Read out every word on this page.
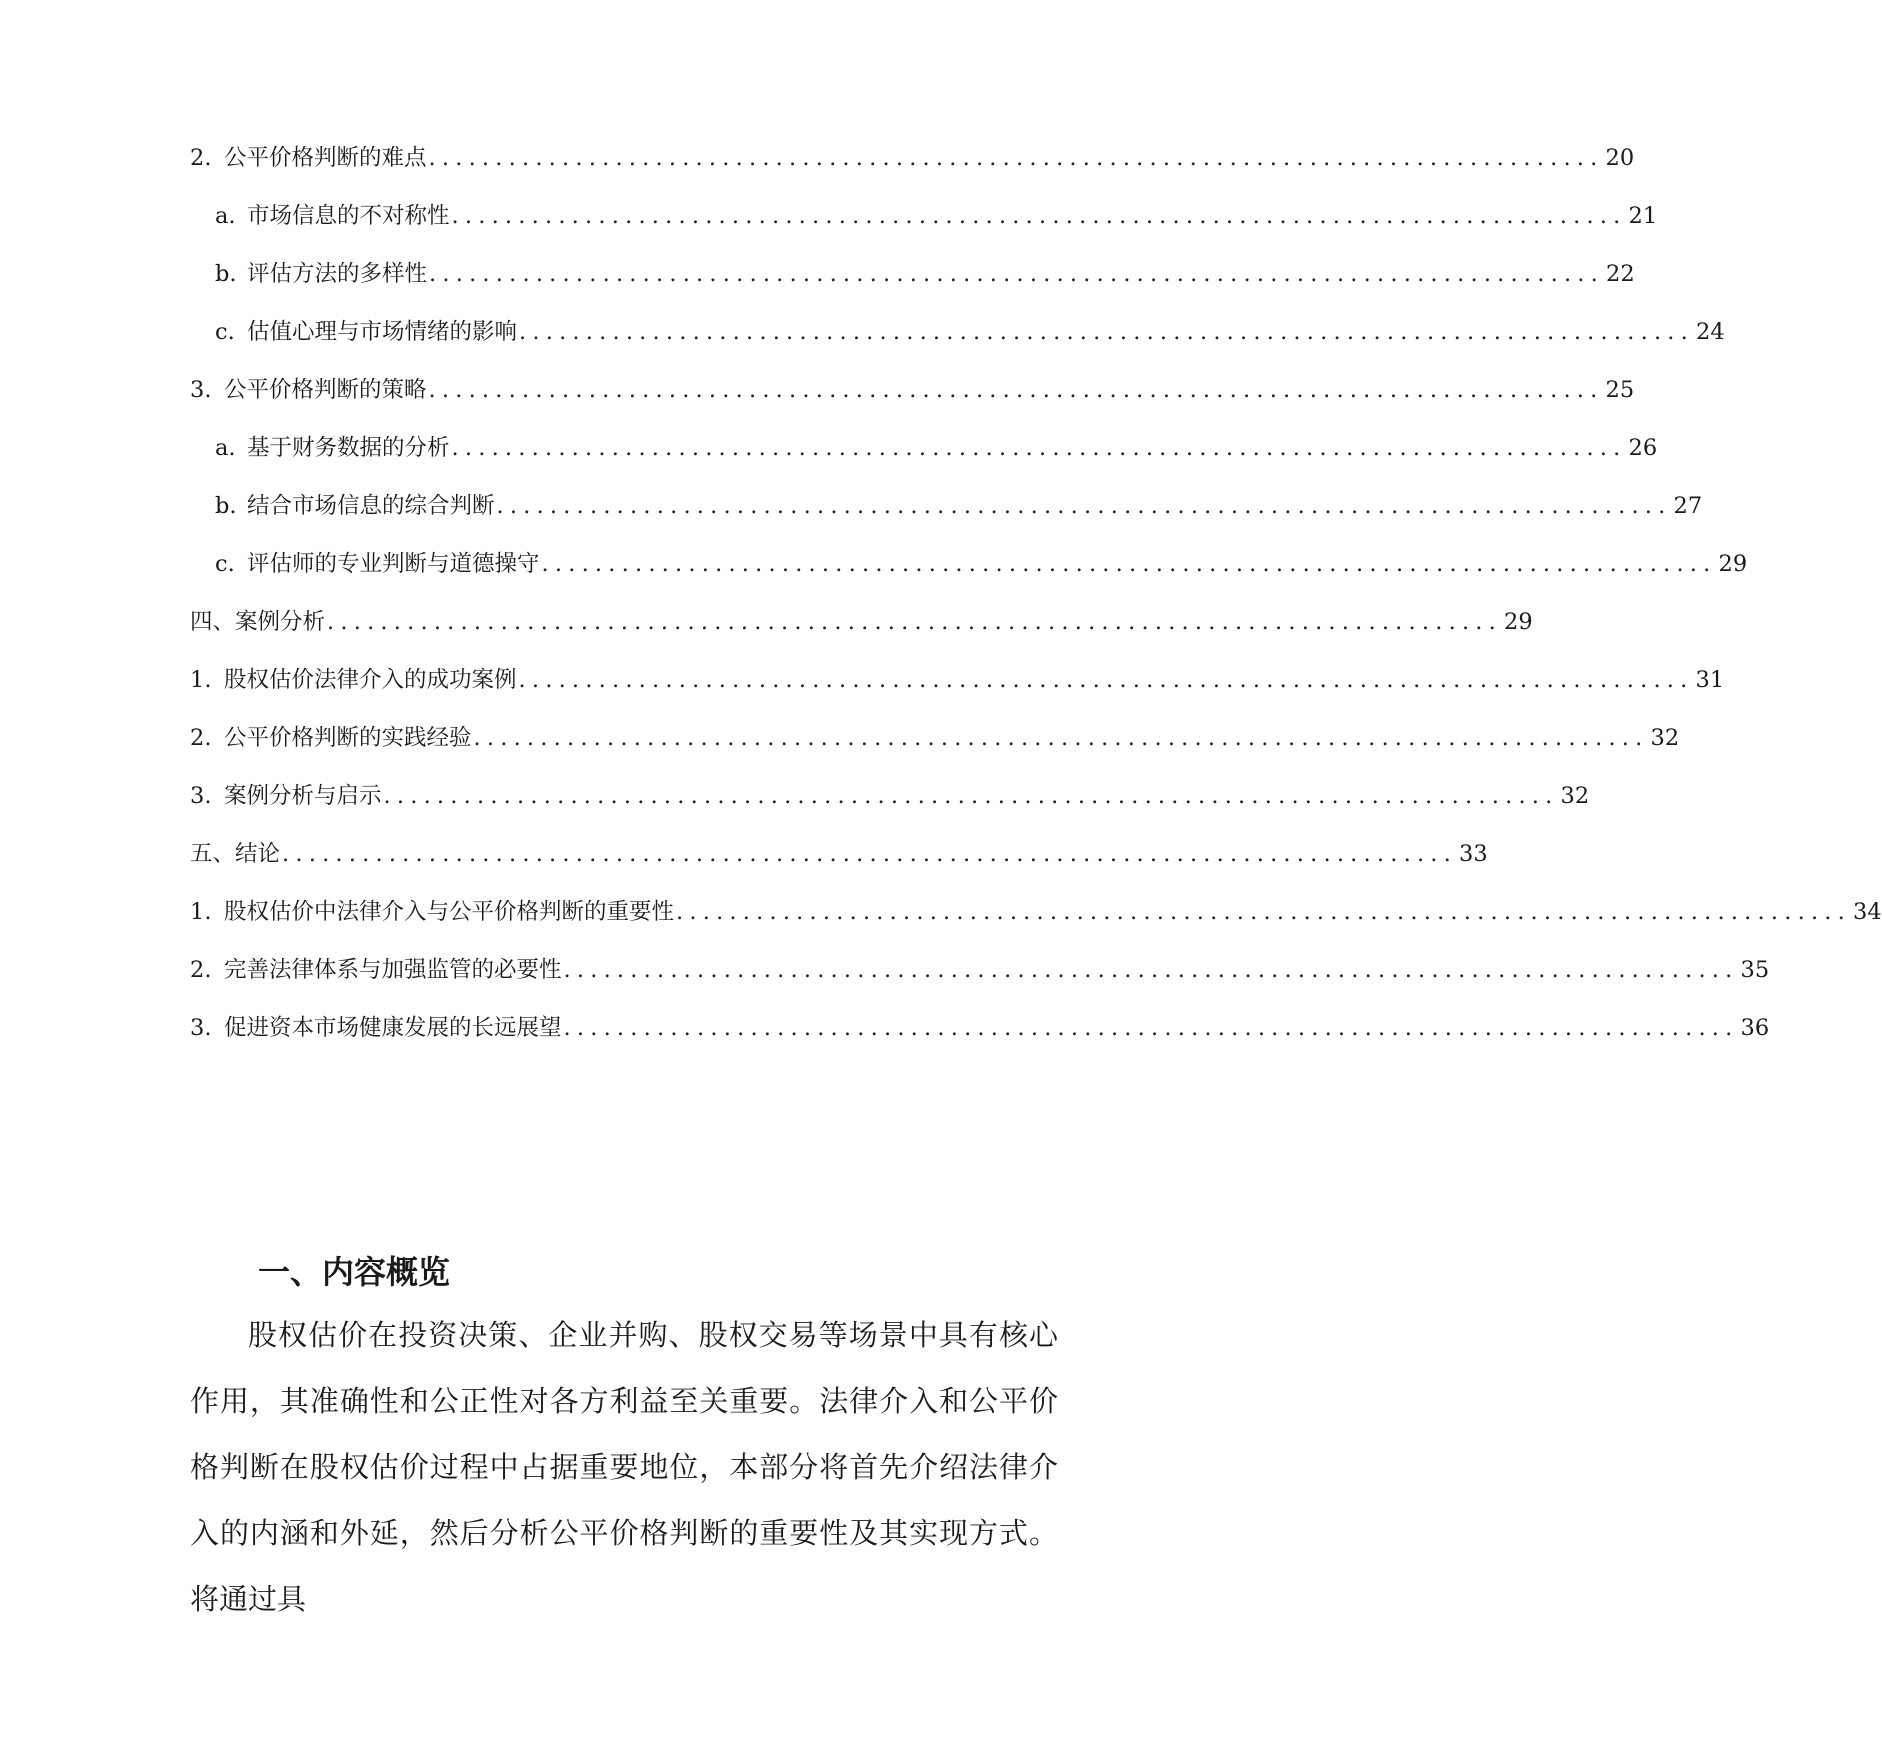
2. 公平价格判断的难点 ........................................................................................ 20
a. 市场信息的不对称性 ........................................................................................ 21
b. 评估方法的多样性 ........................................................................................ 22
c. 估值心理与市场情绪的影响 ........................................................................................ 24
3. 公平价格判断的策略 ........................................................................................ 25
a. 基于财务数据的分析 ........................................................................................ 26
b. 结合市场信息的综合判断 ........................................................................................ 27
c. 评估师的专业判断与道德操守 ........................................................................................ 29
四、案例分析 ........................................................................................ 29
1. 股权估价法律介入的成功案例 ........................................................................................ 31
2. 公平价格判断的实践经验 ........................................................................................ 32
3. 案例分析与启示 ........................................................................................ 32
五、结论 ........................................................................................ 33
1. 股权估价中法律介入与公平价格判断的重要性 ........................................................................................ 34
2. 完善法律体系与加强监管的必要性 ........................................................................................ 35
3. 促进资本市场健康发展的长远展望 ........................................................................................ 36
一、内容概览

股权估价在投资决策、企业并购、股权交易等场景中具有核心作用，其准确性和公正性对各方利益至关重要。法律介入和公平价格判断在股权估价过程中占据重要地位，本部分将首先介绍法律介入的内涵和外延，然后分析公平价格判断的重要性及其实现方式。将通过具
